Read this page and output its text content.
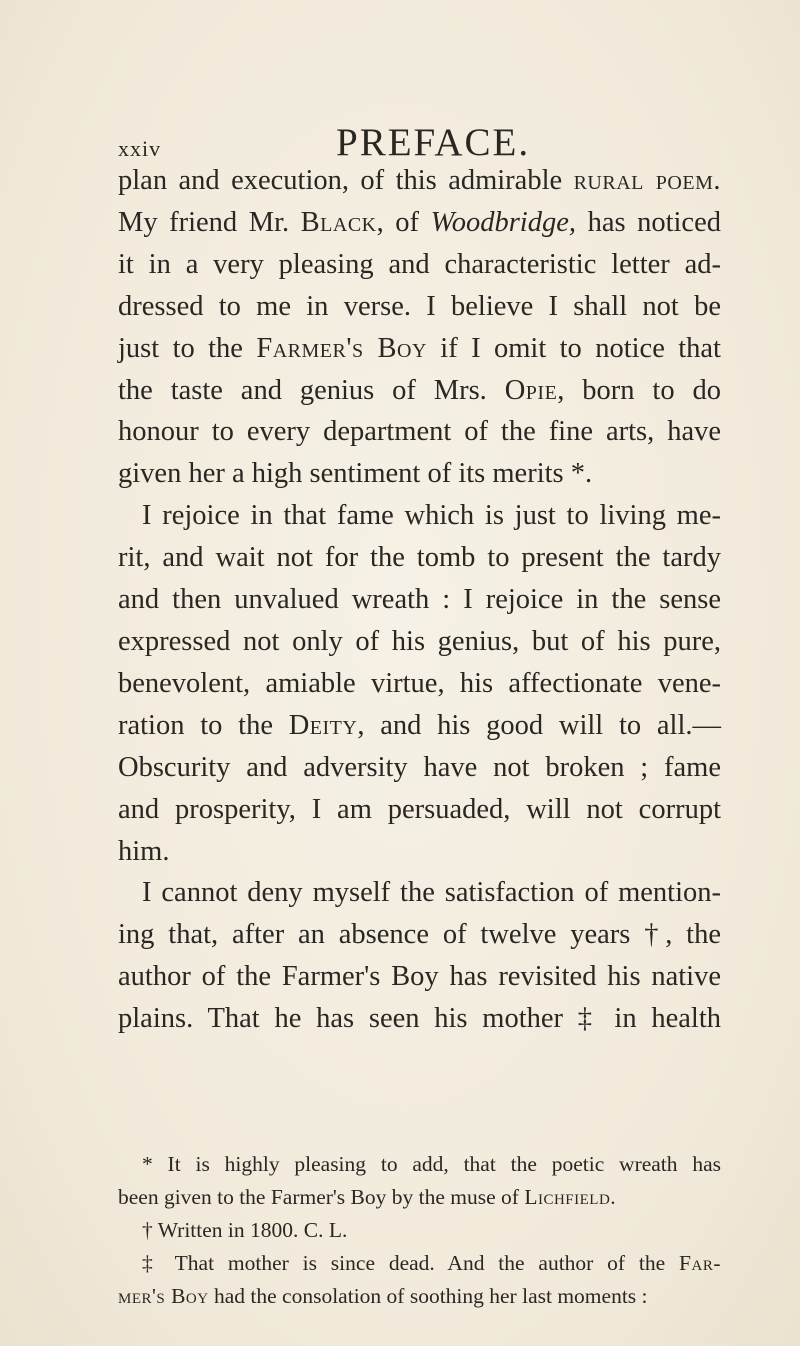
xxiv	PREFACE.
plan and execution, of this admirable rural poem.
My friend Mr. Black, of Woodbridge, has noticed
it in a very pleasing and characteristic letter ad-
dressed to me in verse. I believe I shall not be
just to the Farmer's Boy if I omit to notice that
the taste and genius of Mrs. Opie, born to do
honour to every department of the fine arts, have
given her a high sentiment of its merits *.
I rejoice in that fame which is just to living me-
rit, and wait not for the tomb to present the tardy
and then unvalued wreath : I rejoice in the sense
expressed not only of his genius, but of his pure,
benevolent, amiable virtue, his affectionate vene-
ration to the Deity, and his good will to all.—
Obscurity and adversity have not broken ; fame
and prosperity, I am persuaded, will not corrupt
him.
I cannot deny myself the satisfaction of mention-
ing that, after an absence of twelve years †, the
author of the Farmer's Boy has revisited his native
plains. That he has seen his mother ‡ in health
* It is highly pleasing to add, that the poetic wreath has
been given to the Farmer's Boy by the muse of Lichfield.
† Written in 1800. C. L.
‡ That mother is since dead. And the author of the Far-
mer's Boy had the consolation of soothing her last moments :
